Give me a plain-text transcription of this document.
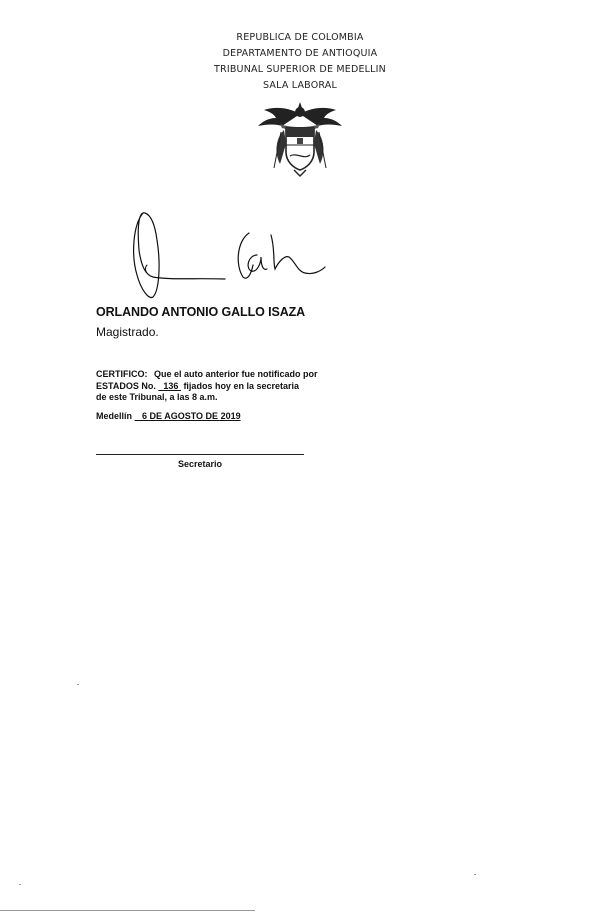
REPUBLICA DE COLOMBIA
DEPARTAMENTO DE ANTIOQUIA
TRIBUNAL SUPERIOR DE MEDELLIN
SALA LABORAL
ORLANDO ANTONIO GALLO ISAZA
Magistrado.
CERTIFICO: Que el auto anterior fue notificado por
ESTADOS No. 136 fijados hoy en la secretaria
de este Tribunal, a las 8 a.m.
Medellín 6 DE AGOSTO DE 2019
Secretario
